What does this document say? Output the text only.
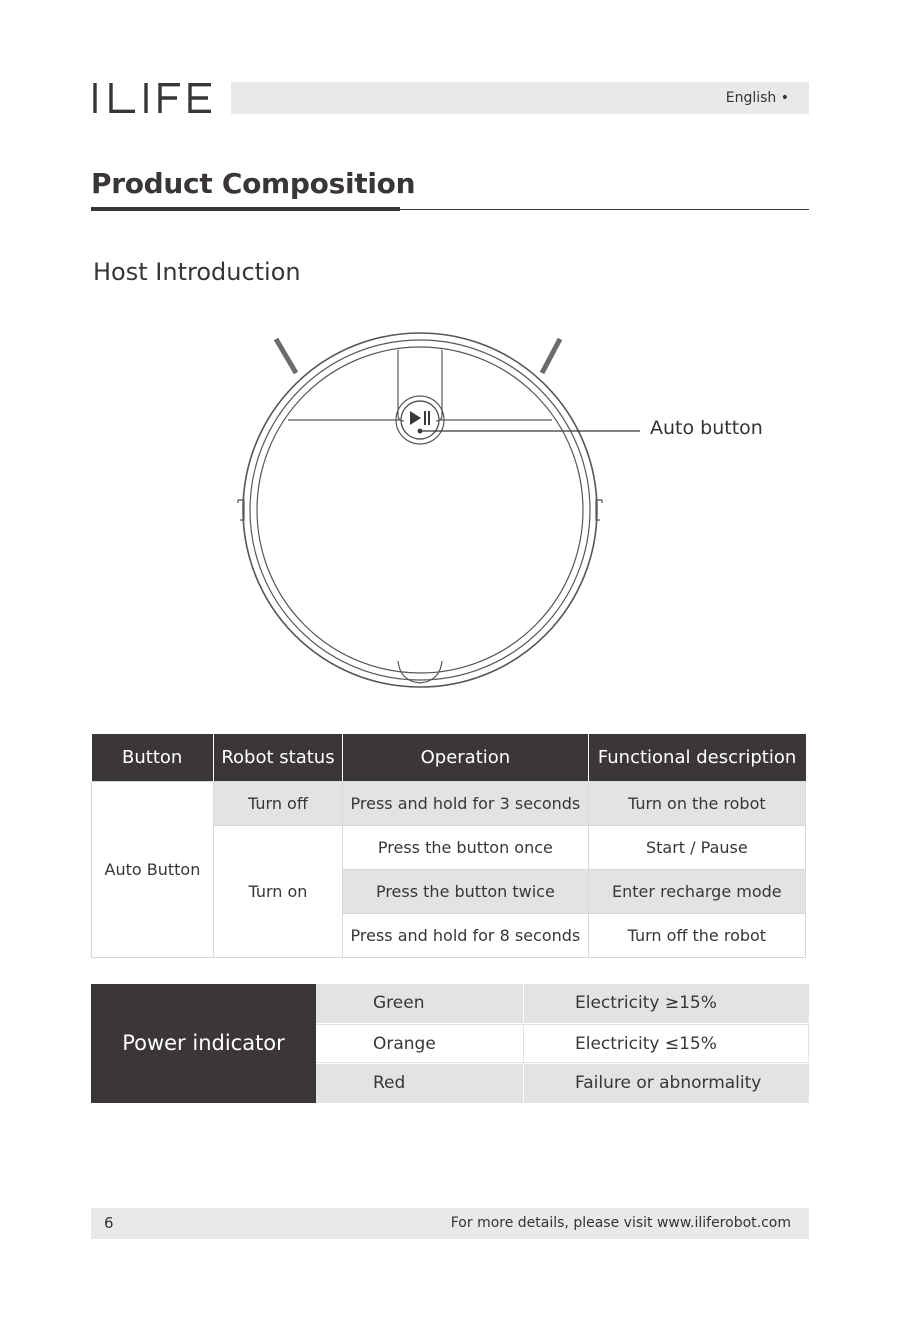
English •
Product Composition
Host Introduction
Auto button
Button	Robot status	Operation	Functional description
Auto Button	Turn off	Press and hold for 3 seconds	Turn on the robot
	Turn on	Press the button once	Start / Pause
		Press the button twice	Enter recharge mode
		Press and hold for 8 seconds	Turn off the robot
Power indicator
Green	Electricity ≥15%
Orange	Electricity ≤15%
Red	Failure or abnormality
6	For more details, please visit www.iliferobot.com
